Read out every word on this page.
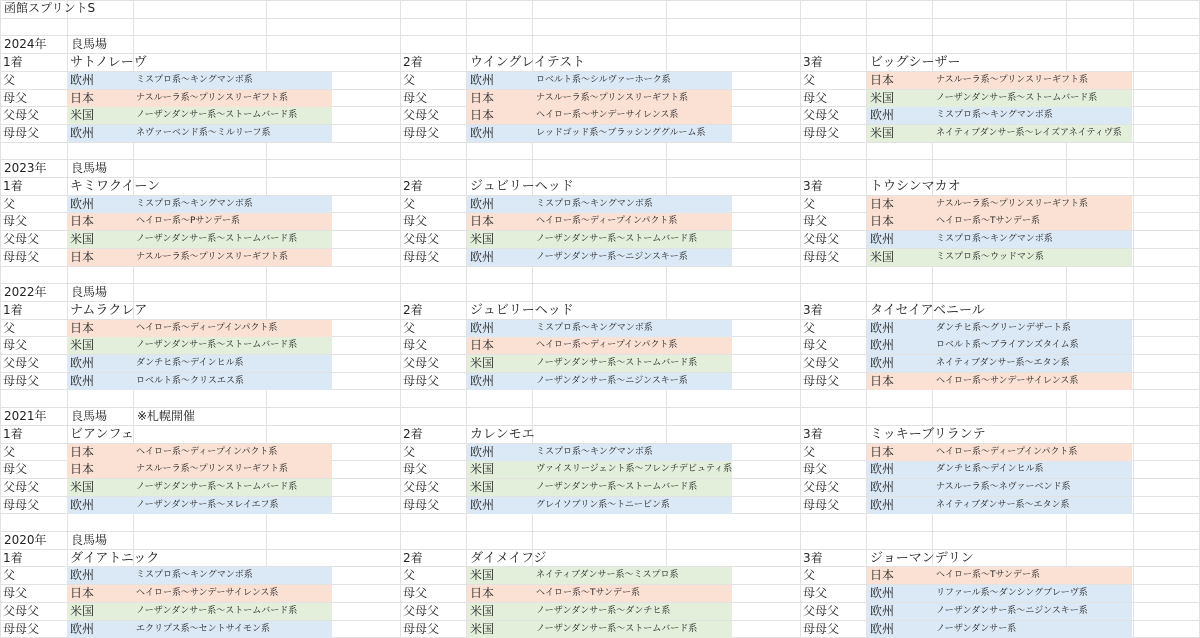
2024年 良馬場
1着	サトノレーヴ
父	欧州	ミスプロ系～キングマンボ系
母父	日本	ナスルーラ系～プリンスリーギフト系
父母父	米国	ノーザンダンサー系～ストームバード系
母母父	欧州	ネヴァーベンド系～ミルリーフ系
2着	ウイングレイテスト
父	欧州	ロベルト系～シルヴァーホーク系
母父	日本	ナスルーラ系～プリンスリーギフト系
父母父	日本	ヘイロー系～サンデーサイレンス系
母母父	欧州	レッドゴッド系～ブラッシンググルーム系
3着	ビッグシーザー
父	日本	ナスルーラ系～プリンスリーギフト系
母父	米国	ノーザンダンサー系～ストームバード系
父母父	欧州	ミスプロ系～キングマンボ系
母母父	米国	ネイティブダンサー系～レイズアネイティヴ系
2023年 良馬場
1着	キミワクイーン
父	欧州	ミスプロ系～キングマンボ系
母父	日本	ヘイロー系～Pサンデー系
父母父	米国	ノーザンダンサー系～ストームバード系
母母父	日本	ナスルーラ系～プリンスリーギフト系
2着	ジュビリーヘッド
父	欧州	ミスプロ系～キングマンボ系
母父	日本	ヘイロー系～ディープインパクト系
父母父	米国	ノーザンダンサー系～ストームバード系
母母父	欧州	ノーザンダンサー系～ニジンスキー系
3着	トウシンマカオ
父	日本	ナスルーラ系～プリンスリーギフト系
母父	日本	ヘイロー系～Tサンデー系
父母父	欧州	ミスプロ系～キングマンボ系
母母父	米国	ミスプロ系～ウッドマン系
2022年 良馬場
1着	ナムラクレア
父	日本	ヘイロー系～ディープインパクト系
母父	米国	ノーザンダンサー系～ストームバード系
父母父	欧州	ダンチヒ系～デインヒル系
母母父	欧州	ロベルト系～クリスエス系
2着	ジュビリーヘッド
父	欧州	ミスプロ系～キングマンボ系
母父	日本	ヘイロー系～ディープインパクト系
父母父	米国	ノーザンダンサー系～ストームバード系
母母父	欧州	ノーザンダンサー系～ニジンスキー系
3着	タイセイアベニール
父	欧州	ダンチヒ系～グリーンデザート系
母父	欧州	ロベルト系～ブライアンズタイム系
父母父	欧州	ネイティブダンサー系～エタン系
母母父	日本	ヘイロー系～サンデーサイレンス系
2021年 良馬場 ※札幌開催
1着	ビアンフェ
父	日本	ヘイロー系～ディープインパクト系
母父	日本	ナスルーラ系～プリンスリーギフト系
父母父	米国	ノーザンダンサー系～ストームバード系
母母父	欧州	ノーザンダンサー系～ヌレイエフ系
2着	カレンモエ
父	欧州	ミスプロ系～キングマンボ系
母父	米国	ヴァイスリージェント系～フレンチデビュティ系
父母父	米国	ノーザンダンサー系～ストームバード系
母母父	欧州	グレイソブリン系～トニービン系
3着	ミッキーブリランテ
父	日本	ヘイロー系～ディープインパクト系
母父	欧州	ダンチヒ系～デインヒル系
父母父	欧州	ナスルーラ系～ネヴァーベンド系
母母父	欧州	ネイティブダンサー系～エタン系
2020年 良馬場
1着	ダイアトニック
父	欧州	ミスプロ系～キングマンボ系
母父	日本	ヘイロー系～サンデーサイレンス系
父母父	米国	ノーザンダンサー系～ストームバード系
母母父	欧州	エクリプス系～セントサイモン系
2着	ダイメイフジ
父	米国	ネイティブダンサー系～ミスプロ系
母父	日本	ヘイロー系～Tサンデー系
父母父	米国	ノーザンダンサー系～ダンチヒ系
母母父	米国	ノーザンダンサー系～ストームバード系
3着	ジョーマンデリン
父	日本	ヘイロー系～Tサンデー系
母父	欧州	リファール系～ダンシングブレーヴ系
父母父	欧州	ノーザンダンサー系～ニジンスキー系
母母父	欧州	ノーザンダンサー系
函館スプリントS
